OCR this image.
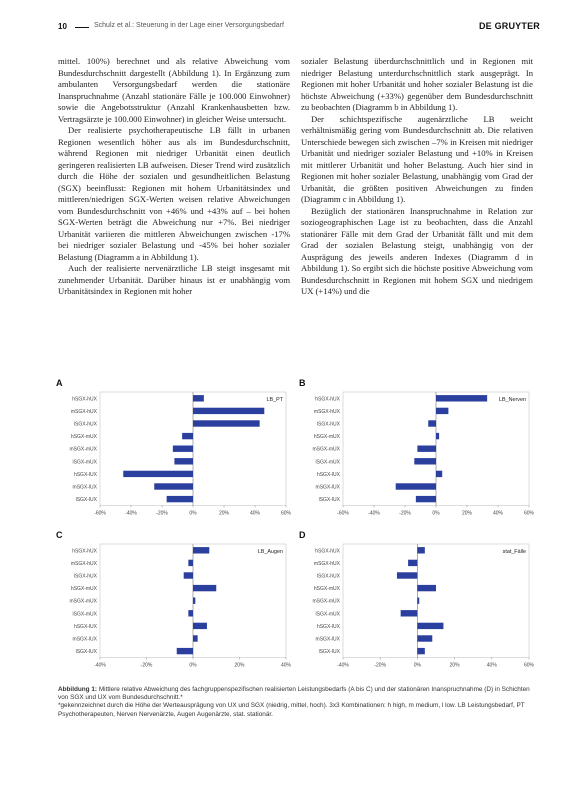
10	Schulz et al.: Steuerung in der Lage einer Versorgungsbedarf	DE GRUYTER

mittel. 100%) berechnet und als relative Abweichung vom Bundesdurchschnitt dargestellt (Abbildung 1). In Ergänzung zum ambulanten Versorgungsbedarf werden die stationäre Inanspruchnahme (Anzahl stationäre Fälle je 100.000 Einwohner) sowie die Angebotsstruktur (Anzahl Krankenhausbetten bzw. Vertragsärzte je 100.000 Einwohner) in gleicher Weise untersucht.

Der realisierte psychotherapeutische LB fällt in urbanen Regionen wesentlich höher aus als im Bundesdurchschnitt, während Regionen mit niedriger Urbanität einen deutlich geringeren realisierten LB aufweisen. Dieser Trend wird zusätzlich durch die Höhe der sozialen und gesundheitlichen Belastung (SGX) beeinflusst: Regionen mit hohem Urbanitätsindex und mittleren/niedrigen SGX-Werten weisen relative Abweichungen vom Bundesdurchschnitt von +46% und +43% auf – bei hohen SGX-Werten beträgt die Abweichung nur +7%. Bei niedriger Urbanität variieren die mittleren Abweichungen zwischen -17% bei niedriger sozialer Belastung und -45% bei hoher sozialer Belastung (Diagramm a in Abbildung 1).

Auch der realisierte nervenärztliche LB steigt insgesamt mit zunehmender Urbanität. Darüber hinaus ist er unabhängig vom Urbanitätsindex in Regionen mit hoher

sozialer Belastung überdurchschnittlich und in Regionen mit niedriger Belastung unterdurchschnittlich stark ausgeprägt. In Regionen mit hoher Urbanität und hoher sozialer Belastung ist die höchste Abweichung (+33%) gegenüber dem Bundesdurchschnitt zu beobachten (Diagramm b in Abbildung 1).

Der schichtspezifische augenärztliche LB weicht verhältnismäßig gering vom Bundesdurchschnitt ab. Die relativen Unterschiede bewegen sich zwischen –7% in Kreisen mit niedriger Urbanität und niedriger sozialer Belastung und +10% in Kreisen mit mittlerer Urbanität und hoher Belastung. Auch hier sind in Regionen mit hoher sozialer Belastung, unabhängig vom Grad der Urbanität, die größten positiven Abweichungen zu finden (Diagramm c in Abbildung 1).

Bezüglich der stationären Inanspruchnahme in Relation zur soziogeographischen Lage ist zu beobachten, dass die Anzahl stationärer Fälle mit dem Grad der Urbanität fällt und mit dem Grad der sozialen Belastung steigt, unabhängig von der Ausprägung des jeweils anderen Indexes (Diagramm d in Abbildung 1). So ergibt sich die höchste positive Abweichung vom Bundesdurchschnitt in Regionen mit hohem SGX und niedrigem UX (+14%) und die

A
hSGX-hUX
mSGX-hUX
lSGX-hUX
hSGX-mUX
mSGX-mUX
lSGX-mUX
hSGX-lUX
mSGX-lUX
lSGX-lUX
-60%	-40%	-20%	0%	20%	40%	60%
LB_PT
B
hSGX-hUX
mSGX-hUX
lSGX-hUX
hSGX-mUX
mSGX-mUX
lSGX-mUX
hSGX-lUX
mSGX-lUX
lSGX-lUX
-60%	-40%	-20%	0%	20%	40%	60%
LB_Nerven
C
hSGX-hUX
mSGX-hUX
lSGX-hUX
hSGX-mUX
mSGX-mUX
lSGX-mUX
hSGX-lUX
mSGX-lUX
lSGX-lUX
-40%	-20%	0%	20%	40%
LB_Augen
D
hSGX-hUX
mSGX-hUX
lSGX-hUX
hSGX-mUX
mSGX-mUX
lSGX-mUX
hSGX-lUX
mSGX-lUX
lSGX-lUX
-40%	-20%	0%	20%	40%	60%
stat_Fälle
Abbildung 1: Mittlere relative Abweichung des fachgruppenspezifischen realisierten Leistungsbedarfs (A bis C) und der stationären Inanspruchnahme (D) in Schichten von SGX und UX vom Bundesdurchschnitt.*
*gekennzeichnet durch die Höhe der Werteausprägung von UX und SGX (niedrig, mittel, hoch). 3x3 Kombinationen: h high, m medium, l low. LB Leistungsbedarf, PT Psychotherapeuten, Nerven Nervenärzte, Augen Augenärzte, stat. stationär.
